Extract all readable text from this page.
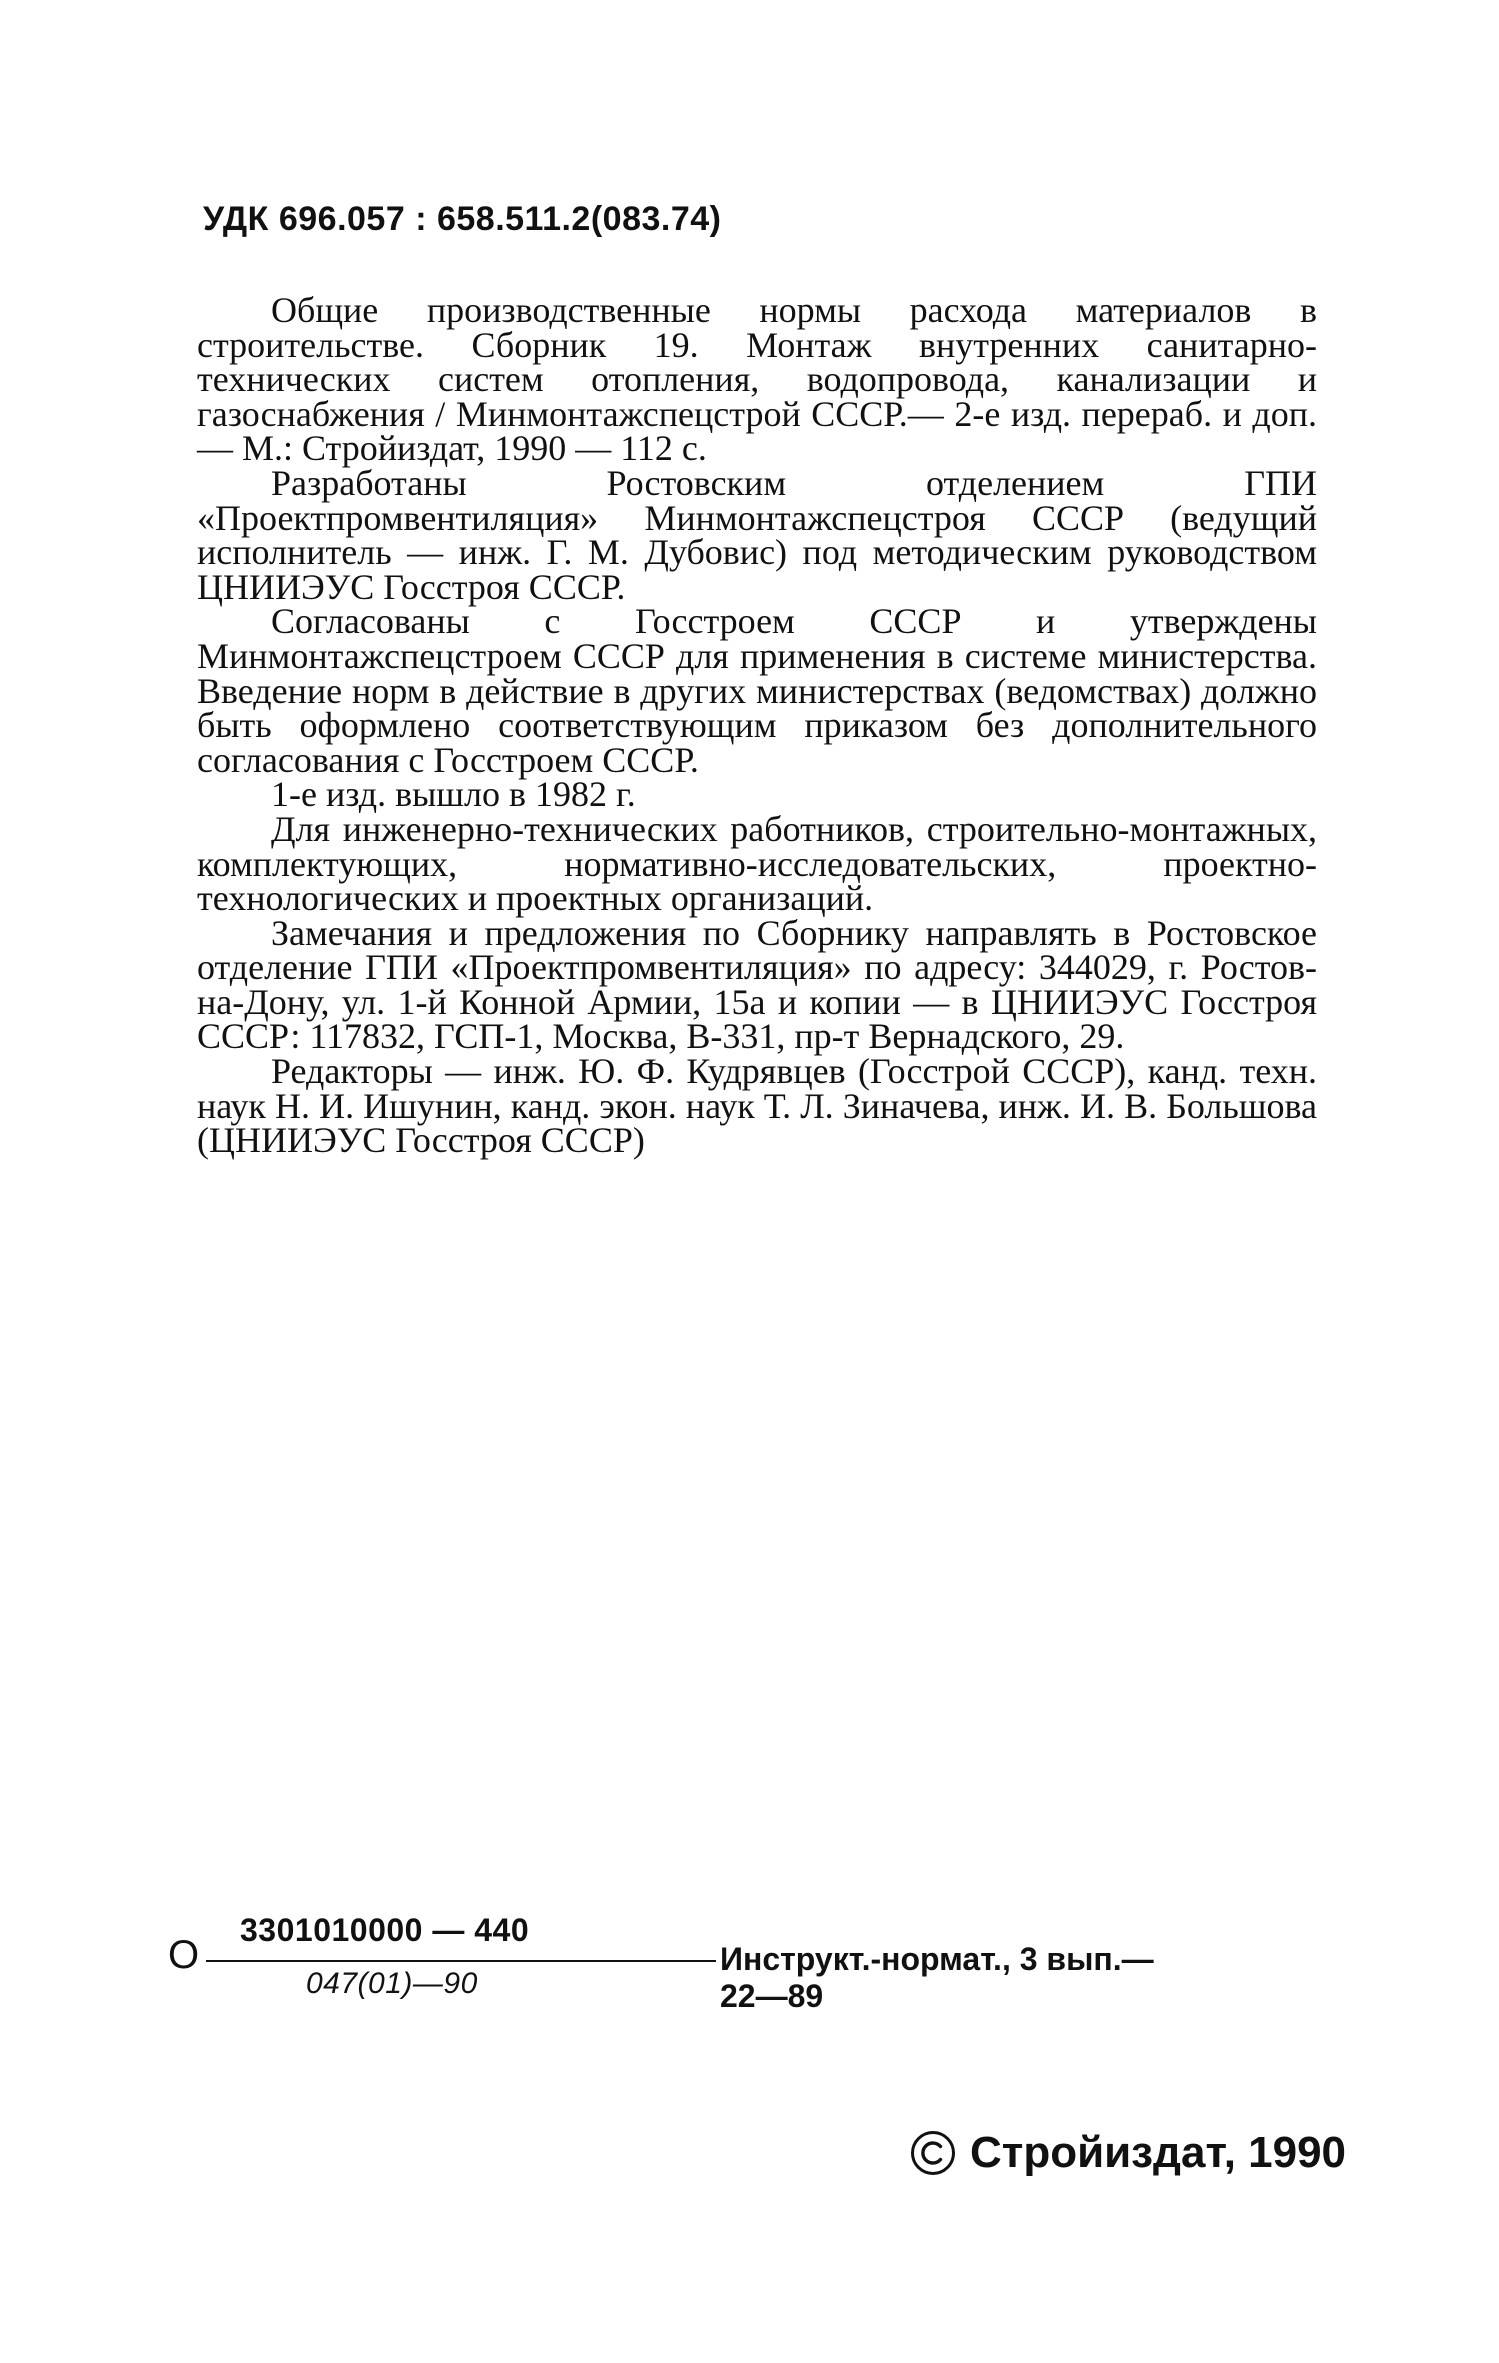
УДК 696.057 : 658.511.2(083.74)

Общие производственные нормы расхода материалов в строительстве. Сборник 19. Монтаж внутренних санитарно-технических систем отопления, водопровода, канализации и газоснабжения / Минмонтажспецстрой СССР.— 2-е изд. перераб. и доп. — М.: Стройиздат, 1990 — 112 с.

Разработаны Ростовским отделением ГПИ «Проектпромвентиляция» Минмонтажспецстроя СССР (ведущий исполнитель — инж. Г. М. Дубовис) под методическим руководством ЦНИИЭУС Госстроя СССР.

Согласованы с Госстроем СССР и утверждены Минмонтажспецстроем СССР для применения в системе министерства. Введение норм в действие в других министерствах (ведомствах) должно быть оформлено соответствующим приказом без дополнительного согласования с Госстроем СССР.

1-е изд. вышло в 1982 г.

Для инженерно-технических работников, строительно-монтажных, комплектующих, нормативно-исследовательских, проектно-технологических и проектных организаций.

Замечания и предложения по Сборнику направлять в Ростовское отделение ГПИ «Проектпромвентиляция» по адресу: 344029, г. Ростов-на-Дону, ул. 1-й Конной Армии, 15а и копии — в ЦНИИЭУС Госстроя СССР: 117832, ГСП-1, Москва, В-331, пр-т Вернадского, 29.

Редакторы — инж. Ю. Ф. Кудрявцев (Госстрой СССР), канд. техн. наук Н. И. Ишунин, канд. экон. наук Т. Л. Зиначева, инж. И. В. Большова (ЦНИИЭУС Госстроя СССР)

О
3301010000 — 440
047(01)—90
Инструкт.-нормат., 3 вып.—22—89
Стройиздат, 1990
